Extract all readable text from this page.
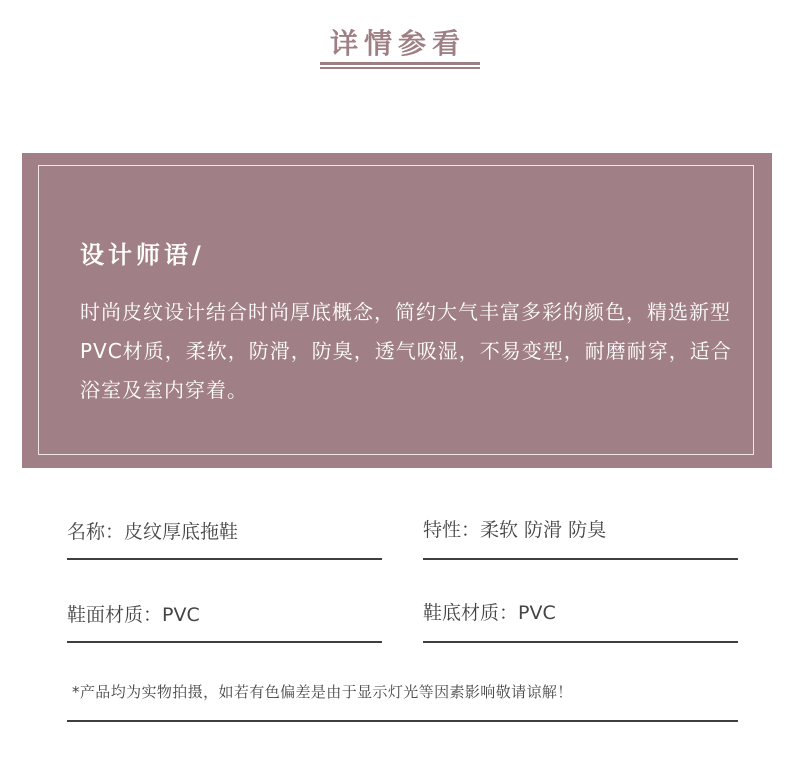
详情参看
设计师语/
时尚皮纹设计结合时尚厚底概念，简约大气丰富多彩的颜色，精选新型PVC材质，柔软，防滑，防臭，透气吸湿，不易变型，耐磨耐穿，适合浴室及室内穿着。
名称：皮纹厚底拖鞋	特性：柔软 防滑 防臭
鞋面材质：PVC	鞋底材质：PVC
*产品均为实物拍摄，如若有色偏差是由于显示灯光等因素影响敬请谅解！
